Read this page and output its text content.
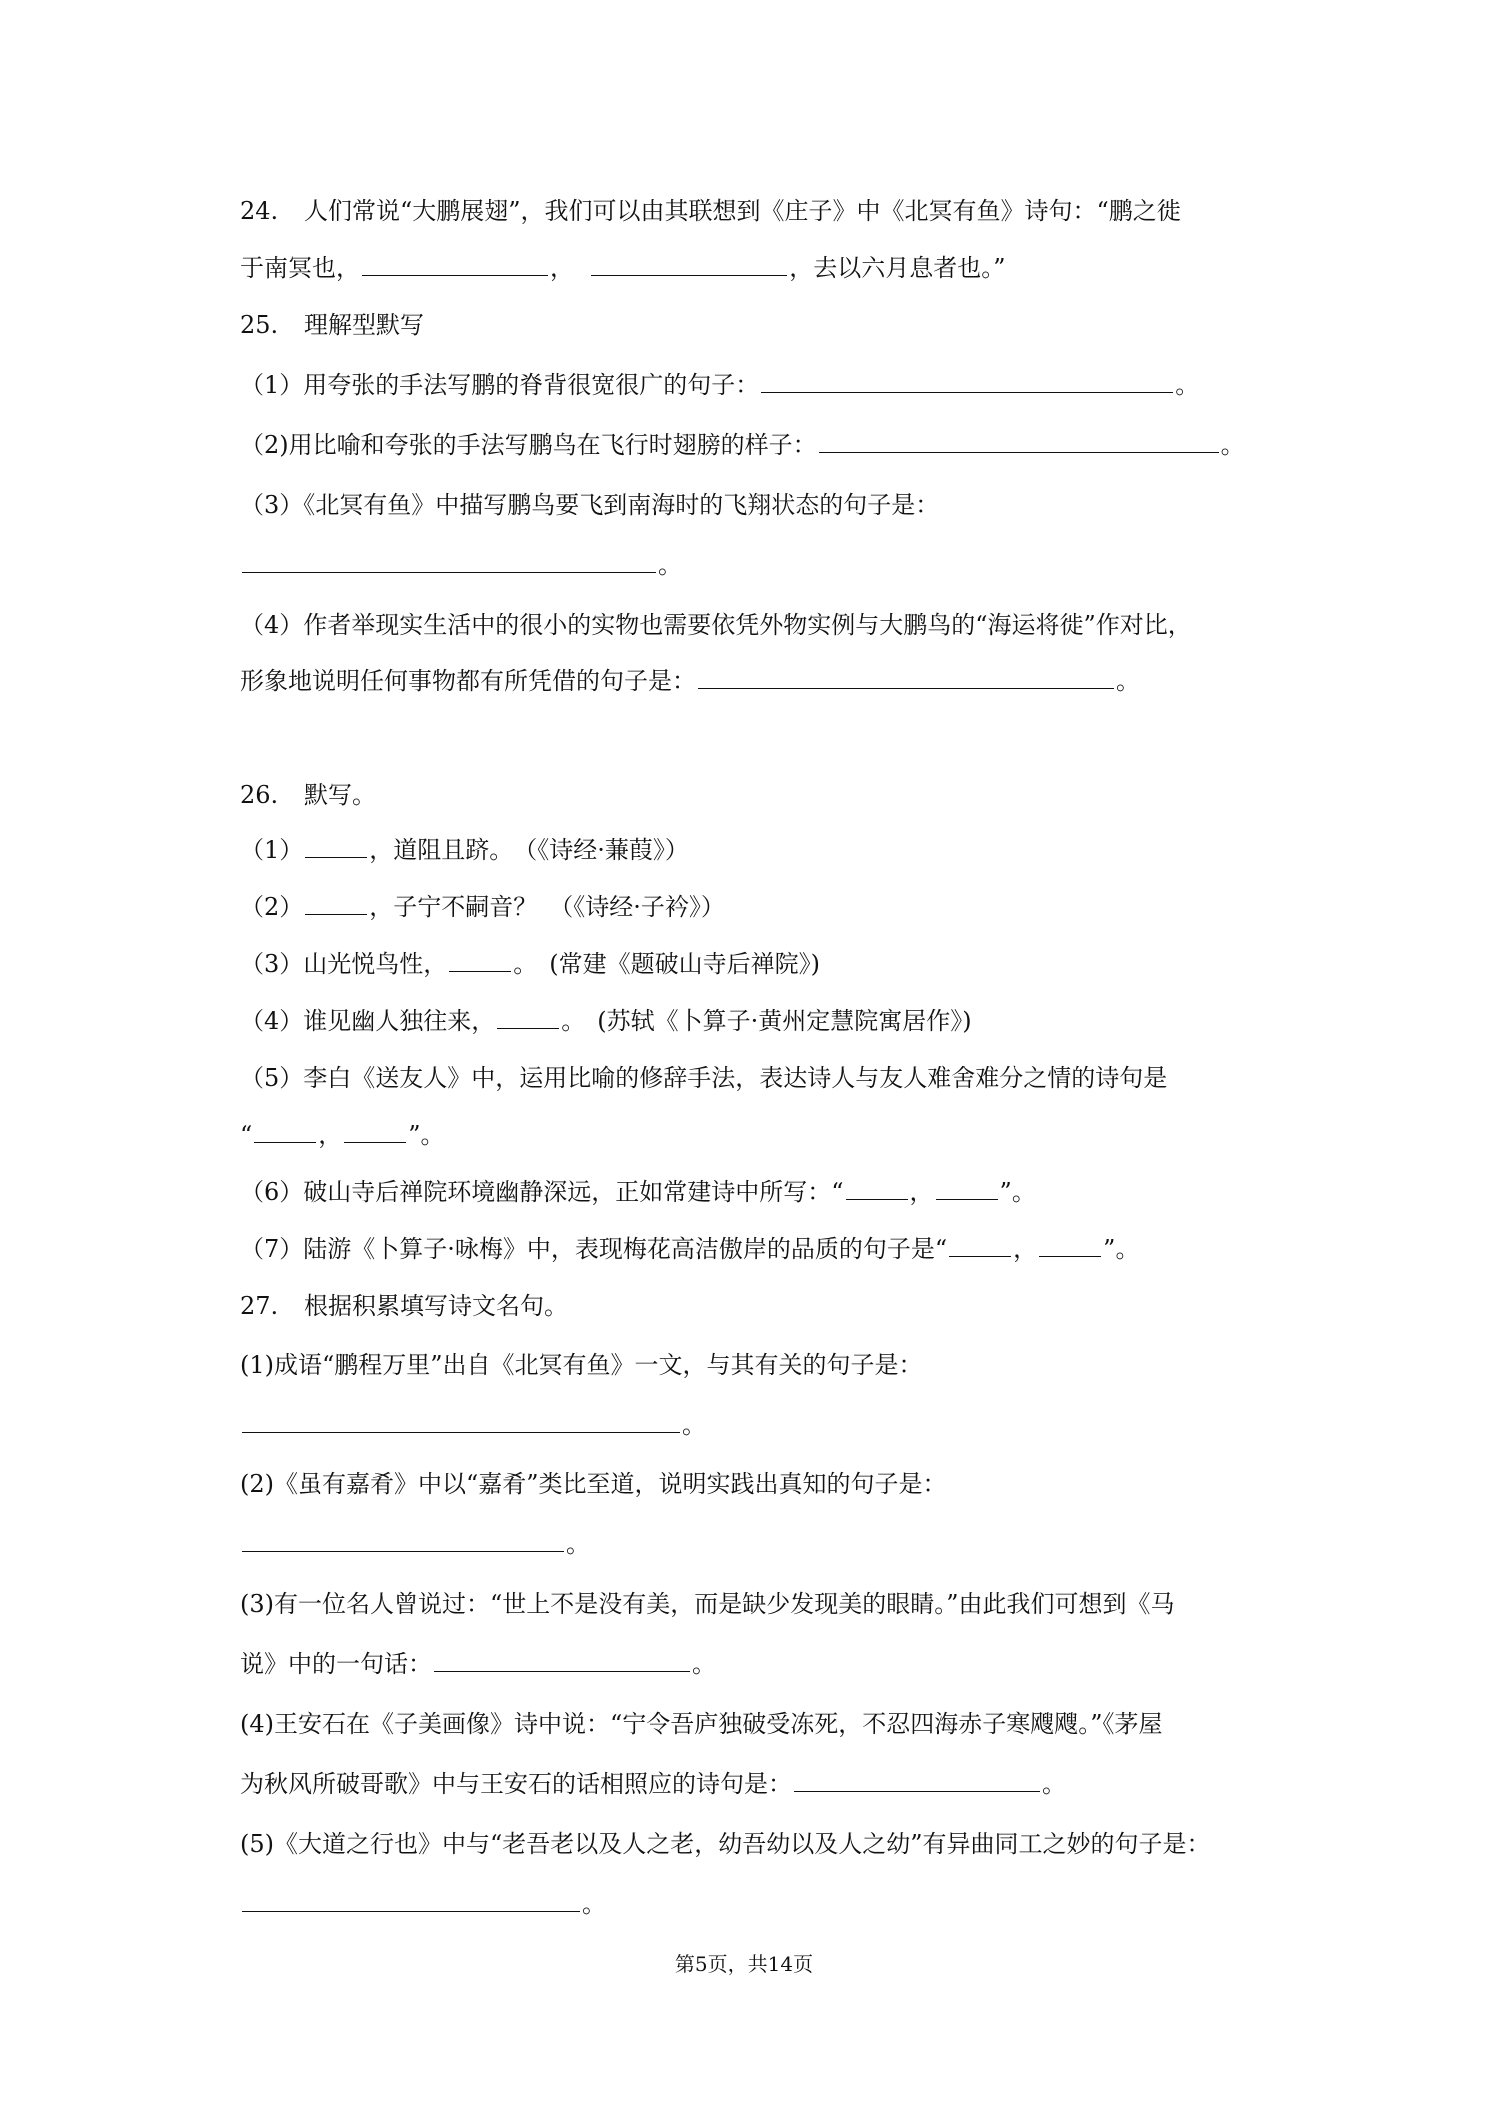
24. 人们常说“大鹏展翅”，我们可以由其联想到《庄子》中《北冥有鱼》诗句：“鹏之徙
于南冥也，	，	，去以六月息者也。”
25. 理解型默写
（1）用夸张的手法写鹏的脊背很宽很广的句子：	。
（2)用比喻和夸张的手法写鹏鸟在飞行时翅膀的样子：	。
（3）《北冥有鱼》中描写鹏鸟要飞到南海时的飞翔状态的句子是：
。
（4）作者举现实生活中的很小的实物也需要依凭外物实例与大鹏鸟的“海运将徙”作对比，
形象地说明任何事物都有所凭借的句子是：	。
26. 默写。
（1）	，道阻且跻。　（《诗经·蒹葭》）
（2）	，子宁不嗣音？　（《诗经·子衿》）
（3）山光悦鸟性，	。　(常建《题破山寺后禅院》)
（4）谁见幽人独往来，	。　(苏轼《卜算子·黄州定慧院寓居作》)
（5）李白《送友人》中，运用比喻的修辞手法，表达诗人与友人难舍难分之情的诗句是
“	，	”。
（6）破山寺后禅院环境幽静深远，正如常建诗中所写：“	，	”。
（7）陆游《卜算子·咏梅》中，表现梅花高洁傲岸的品质的句子是“	，	”。
27. 根据积累填写诗文名句。
(1)成语“鹏程万里”出自《北冥有鱼》一文，与其有关的句子是：
。
(2)《虽有嘉肴》中以“嘉肴”类比至道，说明实践出真知的句子是：
。
(3)有一位名人曾说过：“世上不是没有美，而是缺少发现美的眼睛。”由此我们可想到《马
说》中的一句话：	。
(4)王安石在《子美画像》诗中说：“宁令吾庐独破受冻死，不忍四海赤子寒飕飕。”《茅屋
为秋风所破哥歌》中与王安石的话相照应的诗句是：	。
(5)《大道之行也》中与“老吾老以及人之老，幼吾幼以及人之幼”有异曲同工之妙的句子是：
。
第5页，共14页
